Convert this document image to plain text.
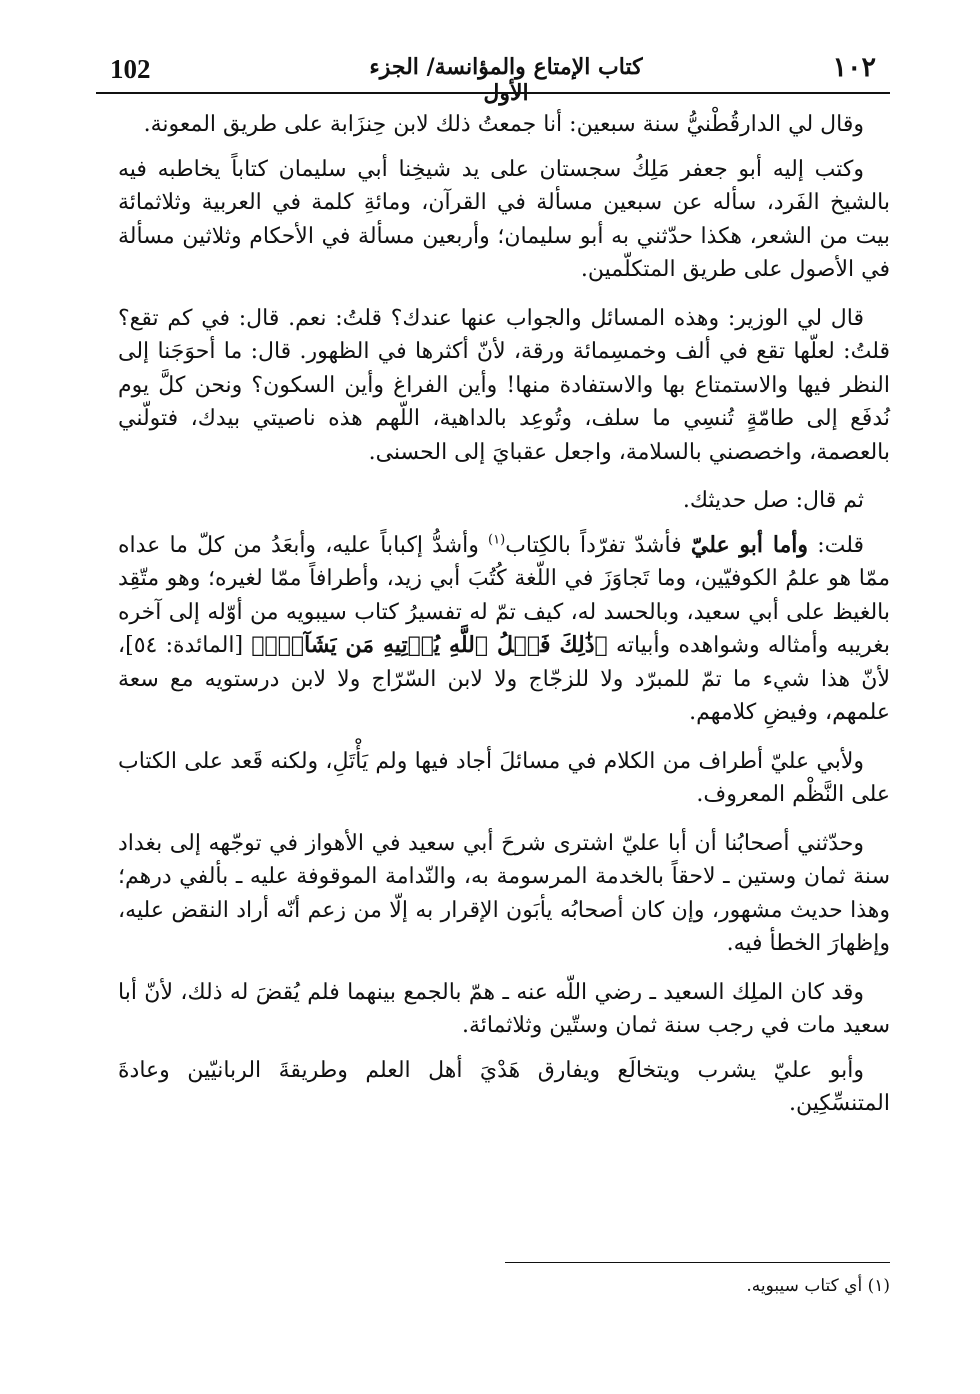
102	كتاب الإمتاع والمؤانسة/ الجزء الأول
١٠٢

وقال لي الدارقُطْنيُّ سنة سبعين: أنا جمعتُ ذلك لابن حِنزَابة على طريق المعونة.

وكتب إليه أبو جعفر مَلِكُ سجستان على يد شيخِنا أبي سليمان كتاباً يخاطبه فيه بالشيخ الفَرد، سأله عن سبعين مسألة في القرآن، ومائةِ كلمة في العربية وثلاثمائة بيت من الشعر، هكذا حدّثني به أبو سليمان؛ وأربعين مسألة في الأحكام وثلاثين مسألة في الأصول على طريق المتكلّمين.

قال لي الوزير: وهذه المسائل والجواب عنها عندك؟ قلتُ: نعم. قال: في كم تقع؟ قلتُ: لعلّها تقع في ألف وخمسِمائة ورقة، لأنّ أكثرها في الظهور. قال: ما أحوَجَنا إلى النظر فيها والاستمتاع بها والاستفادة منها! وأين الفراغ وأين السكون؟ ونحن كلَّ يوم نُدفَع إلى طامّةٍ تُنسِي ما سلف، وتُوعِد بالداهية، اللّهم هذه ناصيتي بيدك، فتولّني بالعصمة، واخصصني بالسلامة، واجعل عقبايَ إلى الحسنى.

ثم قال: صل حديثك.

قلت: وأما أبو عليّ فأشدّ تفرّداً بالكِتاب$^{(١)}$ وأشدُّ إكباباً عليه، وأبعَدُ من كلّ ما عداه ممّا هو علمُ الكوفيّين، وما تَجاوَزَ في اللّغة كُتُبَ أبي زيد، وأطرافاً ممّا لغيره؛ وهو متّقِد بالغيظ على أبي سعيد، وبالحسد له، كيف تمّ له تفسيرُ كتاب سيبويه من أوّله إلى آخره بغريبه وأمثاله وشواهده وأبياته ﴿ذَٰلِكَ فَضۡلُ ٱللَّهِ يُؤۡتِيهِ مَن يَشَآءُۚ﴾ [المائدة: ٥٤]، لأنّ هذا شيء ما تمّ للمبرّد ولا للزجّاج ولا لابن السّرّاج ولا لابن درستويه مع سعة علمهم، وفيضِ كلامهم.

ولأبي عليّ أطراف من الكلام في مسائلَ أجاد فيها ولم يَأْتَلِ، ولكنه قَعد على الكتاب على النَّظْم المعروف.

وحدّثني أصحابُنا أن أبا عليّ اشترى شرحَ أبي سعيد في الأهواز في توجّهه إلى بغداد سنة ثمان وستين ـ لاحقاً بالخدمة المرسومة به، والنّدامة الموقوفة عليه ـ بألفي درهم؛ وهذا حديث مشهور، وإن كان أصحابُه يأبَون الإقرار به إلّا من زعم أنّه أراد النقض عليه، وإظهارَ الخطأ فيه.

وقد كان الملِك السعيد ـ رضي اللّه عنه ـ همّ بالجمع بينهما فلم يُقضَ له ذلك، لأنّ أبا سعيد مات في رجب سنة ثمان وستّين وثلاثمائة.

وأبو عليّ يشرب ويتخالَع ويفارق هَدْيَ أهل العلم وطريقةَ الربانيّين وعادةَ المتنسِّكِين.

(١) أي كتاب سيبويه.
